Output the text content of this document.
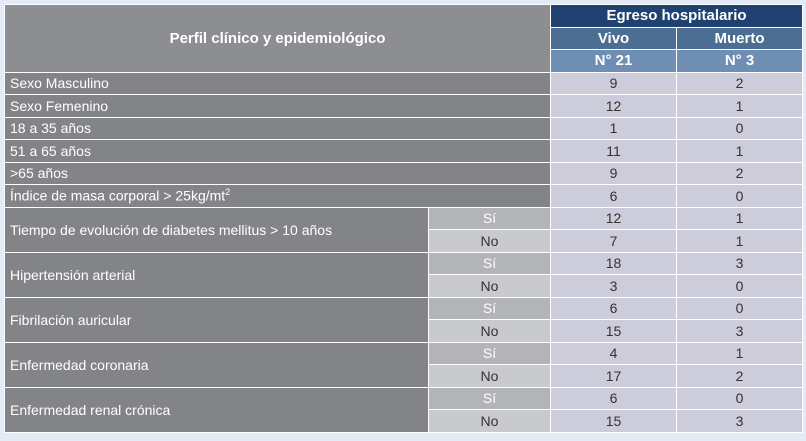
Perfil clínico y epidemiológico		Egreso hospitalario	
		Vivo	Muerto
		N° 21	N° 3
Sexo Masculino		9	2
Sexo Femenino		12	1
18 a 35 años		1	0
51 a 65 años		11	1
>65 años		9	2
Índice de masa corporal > $25kg/mt^2$		6	0
Tiempo de evolución de diabetes mellitus > 10 años	Sí	12	1
	No	7	1
Hipertensión arterial	Sí	18	3
	No	3	0
Fibrilación auricular	Sí	6	0
	No	15	3
Enfermedad coronaria	Sí	4	1
	No	17	2
Enfermedad renal crónica	Sí	6	0
	No	15	3
